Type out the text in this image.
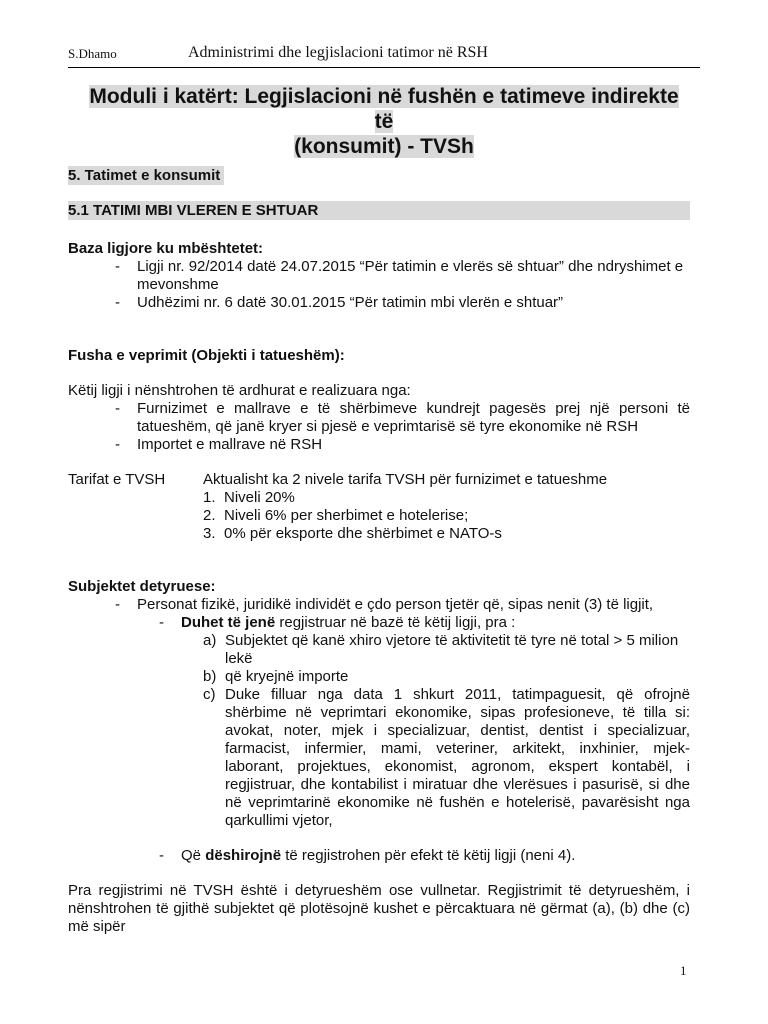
S.Dhamo	Administrimi dhe legjislacioni tatimor në RSH
Moduli i katërt: Legjislacioni në fushën e tatimeve indirekte të
(konsumit) - TVSh
5. Tatimet e konsumit
5.1 TATIMI MBI VLEREN E SHTUAR
Baza ligjore ku mbështetet:
- Ligji nr. 92/2014 datë 24.07.2015 “Për tatimin e vlerës së shtuar” dhe ndryshimet e
mevonshme
- Udhëzimi nr. 6 datë 30.01.2015 “Për tatimin mbi vlerën e shtuar”
Fusha e veprimit (Objekti i tatueshëm):
Këtij ligji i nënshtrohen të ardhurat e realizuara nga:
- Furnizimet e mallrave e të shërbimeve kundrejt pagesës prej një personi të
tatueshëm, që janë kryer si pjesë e veprimtarisë së tyre ekonomike në RSH
- Importet e mallrave në RSH
Tarifat e TVSH	Aktualisht ka 2 nivele tarifa TVSH për furnizimet e tatueshme
1. Niveli 20%
2. Niveli 6% per sherbimet e hotelerise;
3. 0% për eksporte dhe shërbimet e NATO-s
Subjektet detyruese:
- Personat fizikë, juridikë individët e çdo person tjetër që, sipas nenit (3) të ligjit,
- Duhet të jenë regjistruar në bazë të këtij ligji, pra :
a) Subjektet që kanë xhiro vjetore të aktivitetit të tyre në total > 5 milion
lekë
b) që kryejnë importe
c) Duke filluar nga data 1 shkurt 2011, tatimpaguesit, që ofrojnë
shërbime në veprimtari ekonomike, sipas profesioneve, të tilla si:
avokat, noter, mjek i specializuar, dentist, dentist i specializuar,
farmacist, infermier, mami, veteriner, arkitekt, inxhinier, mjek-
laborant, projektues, ekonomist, agronom, ekspert kontabël, i
regjistruar, dhe kontabilist i miratuar dhe vlerësues i pasurisë, si dhe
në veprimtarinë ekonomike në fushën e hotelerisë, pavarësisht nga
qarkullimi vjetor,
- Që dëshirojnë të regjistrohen për efekt të këtij ligji (neni 4).
Pra regjistrimi në TVSH është i detyrueshëm ose vullnetar. Regjistrimit të detyrueshëm, i
nënshtrohen të gjithë subjektet që plotësojnë kushet e përcaktuara në gërmat (a), (b) dhe (c)
më sipër
1
